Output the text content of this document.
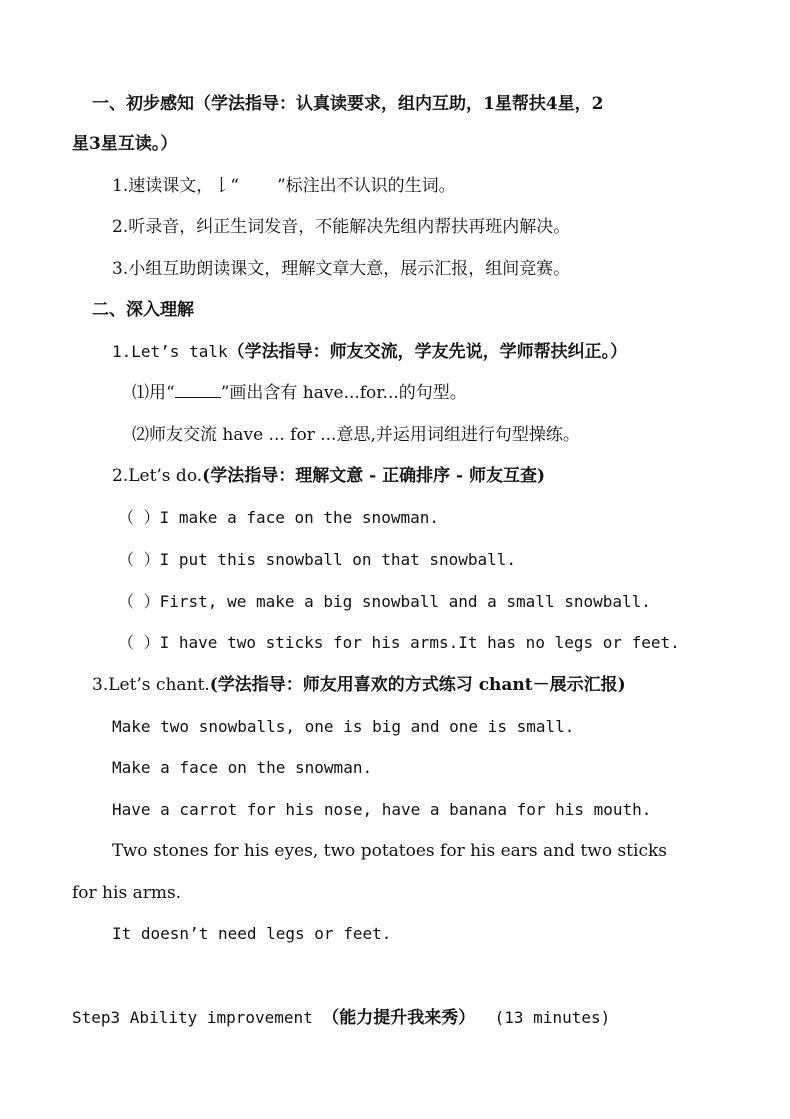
一、初步感知（学法指导：认真读要求，组内互助，1星帮扶4星，2
星3星互读。）
1.速读课文，𠄌“ ”标注出不认识的生词。
2.听录音，纠正生词发音，不能解决先组内帮扶再班内解决。
3.小组互助朗读课文，理解文章大意，展示汇报，组间竞赛。
二、深入理解
1.Let’s talk（学法指导：师友交流，学友先说，学师帮扶纠正。）
⑴用“	”画出含有 have...for...的句型。
⑵师友交流 have ... for ...意思,并运用词组进行句型操练。
2.Let’s do.(学法指导：理解文意 - 正确排序 - 师友互查)
（ ）I make a face on the snowman.
（ ）I put this snowball on that snowball.
（ ）First, we make a big snowball and a small snowball.
（ ）I have two sticks for his arms.It has no legs or feet.
3.Let’s chant.(学法指导：师友用喜欢的方式练习 chant－展示汇报)
Make two snowballs, one is big and one is small.
Make a face on the snowman.
Have a carrot for his nose, have a banana for his mouth.
Two stones for his eyes, two potatoes for his ears and two sticks
for his arms.
It doesn’t need legs or feet.
Step3 Ability improvement （能力提升我来秀） (13 minutes)
